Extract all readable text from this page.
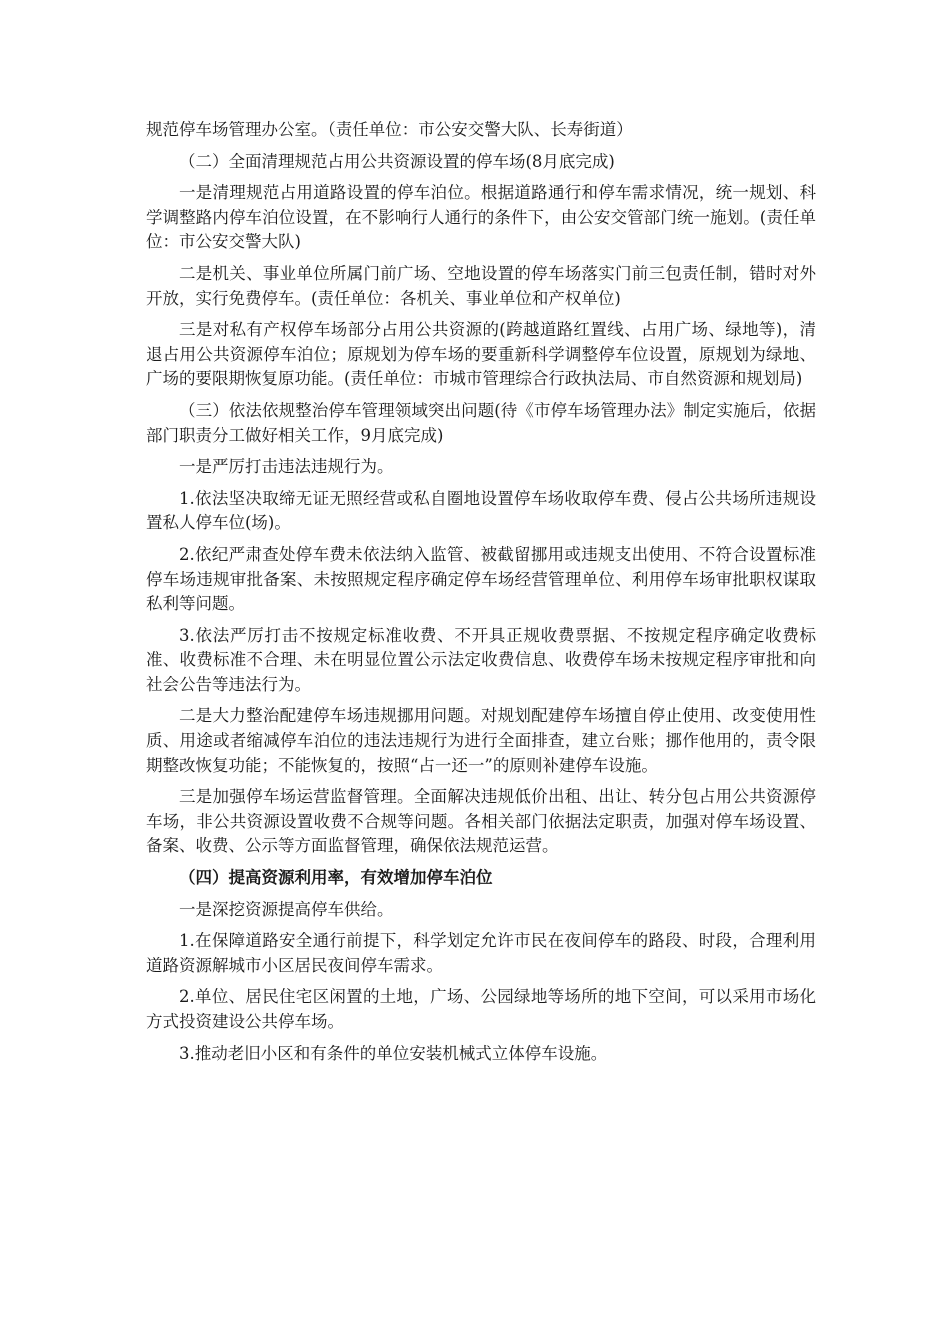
规范停车场管理办公室。（责任单位：市公安交警大队、长寿街道）

（二）全面清理规范占用公共资源设置的停车场(8月底完成)

一是清理规范占用道路设置的停车泊位。根据道路通行和停车需求情况，统一规划、科学调整路内停车泊位设置，在不影响行人通行的条件下，由公安交管部门统一施划。(责任单位：市公安交警大队)

二是机关、事业单位所属门前广场、空地设置的停车场落实门前三包责任制，错时对外开放，实行免费停车。(责任单位：各机关、事业单位和产权单位)

三是对私有产权停车场部分占用公共资源的(跨越道路红置线、占用广场、绿地等)，清退占用公共资源停车泊位；原规划为停车场的要重新科学调整停车位设置，原规划为绿地、广场的要限期恢复原功能。(责任单位：市城市管理综合行政执法局、市自然资源和规划局)

（三）依法依规整治停车管理领域突出问题(待《市停车场管理办法》制定实施后，依据部门职责分工做好相关工作，9月底完成)

一是严厉打击违法违规行为。

1.依法坚决取缔无证无照经营或私自圈地设置停车场收取停车费、侵占公共场所违规设置私人停车位(场)。

2.依纪严肃查处停车费未依法纳入监管、被截留挪用或违规支出使用、不符合设置标准停车场违规审批备案、未按照规定程序确定停车场经营管理单位、利用停车场审批职权谋取私利等问题。

3.依法严厉打击不按规定标准收费、不开具正规收费票据、不按规定程序确定收费标准、收费标准不合理、未在明显位置公示法定收费信息、收费停车场未按规定程序审批和向社会公告等违法行为。

二是大力整治配建停车场违规挪用问题。对规划配建停车场擅自停止使用、改变使用性质、用途或者缩减停车泊位的违法违规行为进行全面排查，建立台账；挪作他用的，责令限期整改恢复功能；不能恢复的，按照“占一还一”的原则补建停车设施。

三是加强停车场运营监督管理。全面解决违规低价出租、出让、转分包占用公共资源停车场，非公共资源设置收费不合规等问题。各相关部门依据法定职责，加强对停车场设置、备案、收费、公示等方面监督管理，确保依法规范运营。

（四）提高资源利用率，有效增加停车泊位

一是深挖资源提高停车供给。

1.在保障道路安全通行前提下，科学划定允许市民在夜间停车的路段、时段，合理利用道路资源解城市小区居民夜间停车需求。

2.单位、居民住宅区闲置的土地，广场、公园绿地等场所的地下空间，可以采用市场化方式投资建设公共停车场。

3.推动老旧小区和有条件的单位安装机械式立体停车设施。
